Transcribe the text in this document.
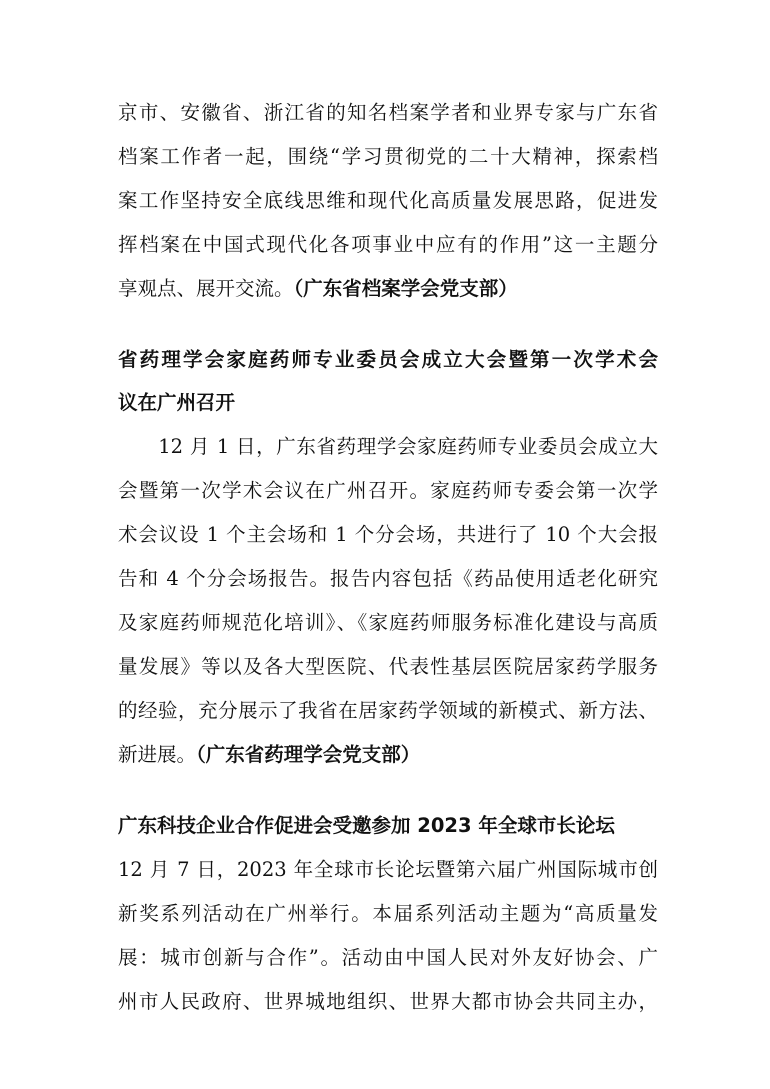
京市、安徽省、浙江省的知名档案学者和业界专家与广东省
档案工作者一起，围绕“学习贯彻党的二十大精神，探索档
案工作坚持安全底线思维和现代化高质量发展思路，促进发
挥档案在中国式现代化各项事业中应有的作用”这一主题分
享观点、展开交流。（广东省档案学会党支部）
省药理学会家庭药师专业委员会成立大会暨第一次学术会
议在广州召开
　　12 月 1 日，广东省药理学会家庭药师专业委员会成立大
会暨第一次学术会议在广州召开。家庭药师专委会第一次学
术会议设 1 个主会场和 1 个分会场，共进行了 10 个大会报
告和 4 个分会场报告。报告内容包括《药品使用适老化研究
及家庭药师规范化培训》、《家庭药师服务标准化建设与高质
量发展》等以及各大型医院、代表性基层医院居家药学服务
的经验，充分展示了我省在居家药学领域的新模式、新方法、
新进展。（广东省药理学会党支部）
广东科技企业合作促进会受邀参加 2023 年全球市长论坛
12 月 7 日，2023 年全球市长论坛暨第六届广州国际城市创
新奖系列活动在广州举行。本届系列活动主题为“高质量发
展：城市创新与合作”。活动由中国人民对外友好协会、广
州市人民政府、世界城地组织、世界大都市协会共同主办，
